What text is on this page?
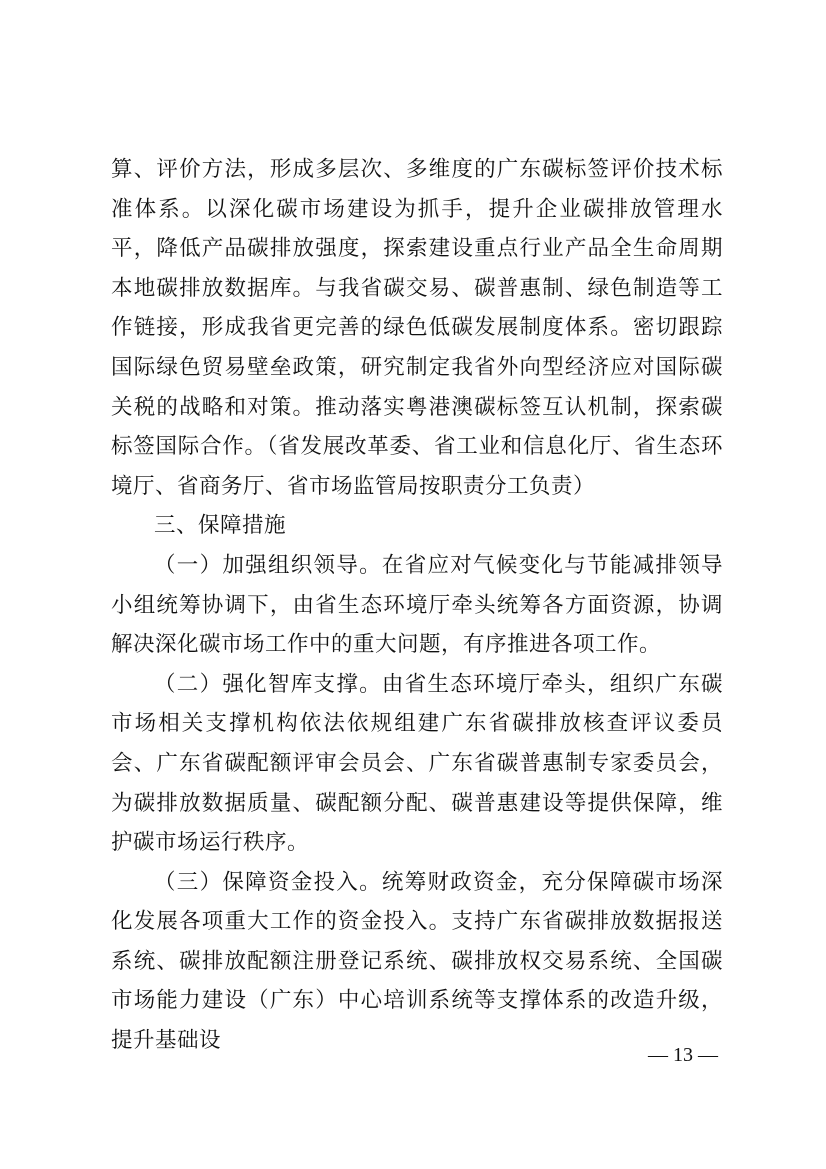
算、评价方法，形成多层次、多维度的广东碳标签评价技术标准体系。以深化碳市场建设为抓手，提升企业碳排放管理水平，降低产品碳排放强度，探索建设重点行业产品全生命周期本地碳排放数据库。与我省碳交易、碳普惠制、绿色制造等工作链接，形成我省更完善的绿色低碳发展制度体系。密切跟踪国际绿色贸易壁垒政策，研究制定我省外向型经济应对国际碳关税的战略和对策。推动落实粤港澳碳标签互认机制，探索碳标签国际合作。（省发展改革委、省工业和信息化厅、省生态环境厅、省商务厅、省市场监管局按职责分工负责）

三、保障措施

（一）加强组织领导。在省应对气候变化与节能减排领导小组统筹协调下，由省生态环境厅牵头统筹各方面资源，协调解决深化碳市场工作中的重大问题，有序推进各项工作。

（二）强化智库支撑。由省生态环境厅牵头，组织广东碳市场相关支撑机构依法依规组建广东省碳排放核查评议委员会、广东省碳配额评审会员会、广东省碳普惠制专家委员会，为碳排放数据质量、碳配额分配、碳普惠建设等提供保障，维护碳市场运行秩序。

（三）保障资金投入。统筹财政资金，充分保障碳市场深化发展各项重大工作的资金投入。支持广东省碳排放数据报送系统、碳排放配额注册登记系统、碳排放权交易系统、全国碳市场能力建设（广东）中心培训系统等支撑体系的改造升级，提升基础设

— 13 —
